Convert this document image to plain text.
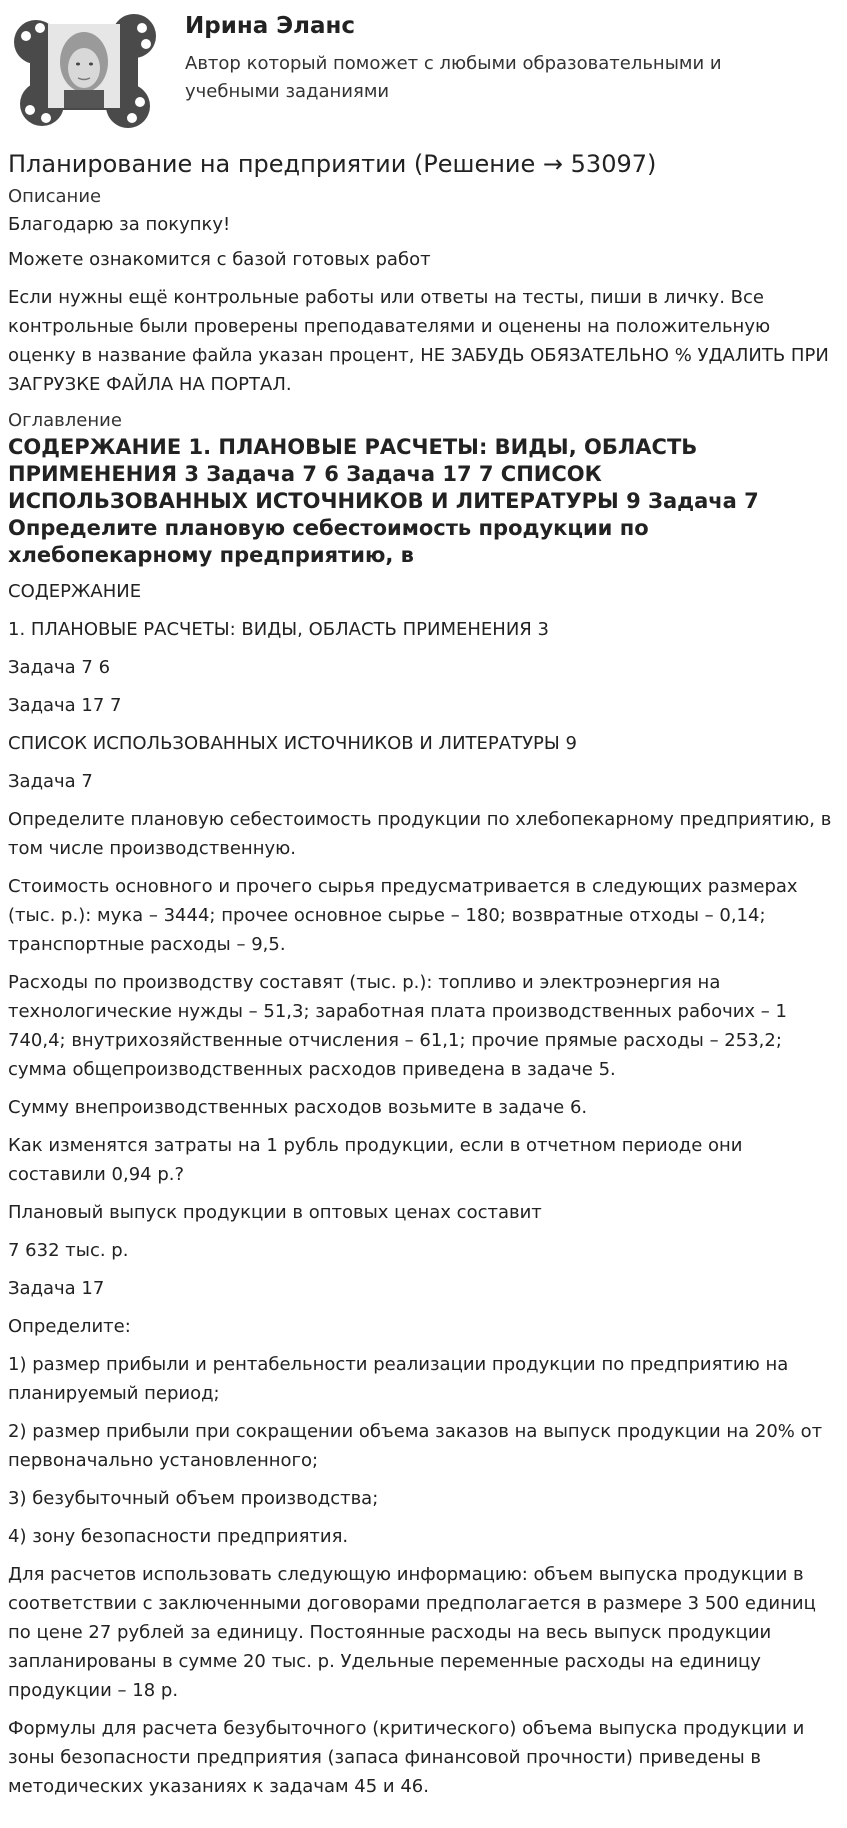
Ирина Эланс
Автор который поможет с любыми образовательными и учебными заданиями
Планирование на предприятии (Решение → 53097)
Описание

Благодарю за покупку!

Можете ознакомится с базой готовых работ

Если нужны ещё контрольные работы или ответы на тесты, пиши в личку. Все контрольные были проверены преподавателями и оценены на положительную оценку в название файла указан процент, НЕ ЗАБУДЬ ОБЯЗАТЕЛЬНО % УДАЛИТЬ ПРИ ЗАГРУЗКЕ ФАЙЛА НА ПОРТАЛ.

Оглавление
СОДЕРЖАНИЕ 1. ПЛАНОВЫЕ РАСЧЕТЫ: ВИДЫ, ОБЛАСТЬ ПРИМЕНЕНИЯ 3 Задача 7 6 Задача 17 7 СПИСОК ИСПОЛЬЗОВАННЫХ ИСТОЧНИКОВ И ЛИТЕРАТУРЫ 9 Задача 7 Определите плановую себестоимость продукции по хлебопекарному предприятию, в

СОДЕРЖАНИЕ

1. ПЛАНОВЫЕ РАСЧЕТЫ: ВИДЫ, ОБЛАСТЬ ПРИМЕНЕНИЯ 3

Задача 7 6

Задача 17 7

СПИСОК ИСПОЛЬЗОВАННЫХ ИСТОЧНИКОВ И ЛИТЕРАТУРЫ 9

Задача 7

Определите плановую себестоимость продукции по хлебопекарному предприятию, в том числе производственную.

Стоимость основного и прочего сырья предусматривается в следующих размерах (тыс. р.): мука – 3444; прочее основное сырье – 180; возвратные отходы – 0,14; транспортные расходы – 9,5.

Расходы по производству составят (тыс. р.): топливо и электроэнергия на технологические нужды – 51,3; заработная плата производственных рабочих – 1 740,4; внутрихозяйственные отчисления – 61,1; прочие прямые расходы – 253,2; сумма общепроизводственных расходов приведена в задаче 5.

Сумму внепроизводственных расходов возьмите в задаче 6.

Как изменятся затраты на 1 рубль продукции, если в отчетном периоде они составили 0,94 р.?

Плановый выпуск продукции в оптовых ценах составит

7 632 тыс. р.

Задача 17

Определите:

1) размер прибыли и рентабельности реализации продукции по предприятию на планируемый период;

2) размер прибыли при сокращении объема заказов на выпуск продукции на 20% от первоначально установленного;

3) безубыточный объем производства;

4) зону безопасности предприятия.

Для расчетов использовать следующую информацию: объем выпуска продукции в соответствии с заключенными договорами предполагается в размере 3 500 единиц по цене 27 рублей за единицу. Постоянные расходы на весь выпуск продукции запланированы в сумме 20 тыс. р. Удельные переменные расходы на единицу продукции – 18 р.

Формулы для расчета безубыточного (критического) объема выпуска продукции и зоны безопасности предприятия (запаса финансовой прочности) приведены в методических указаниях к задачам 45 и 46.
